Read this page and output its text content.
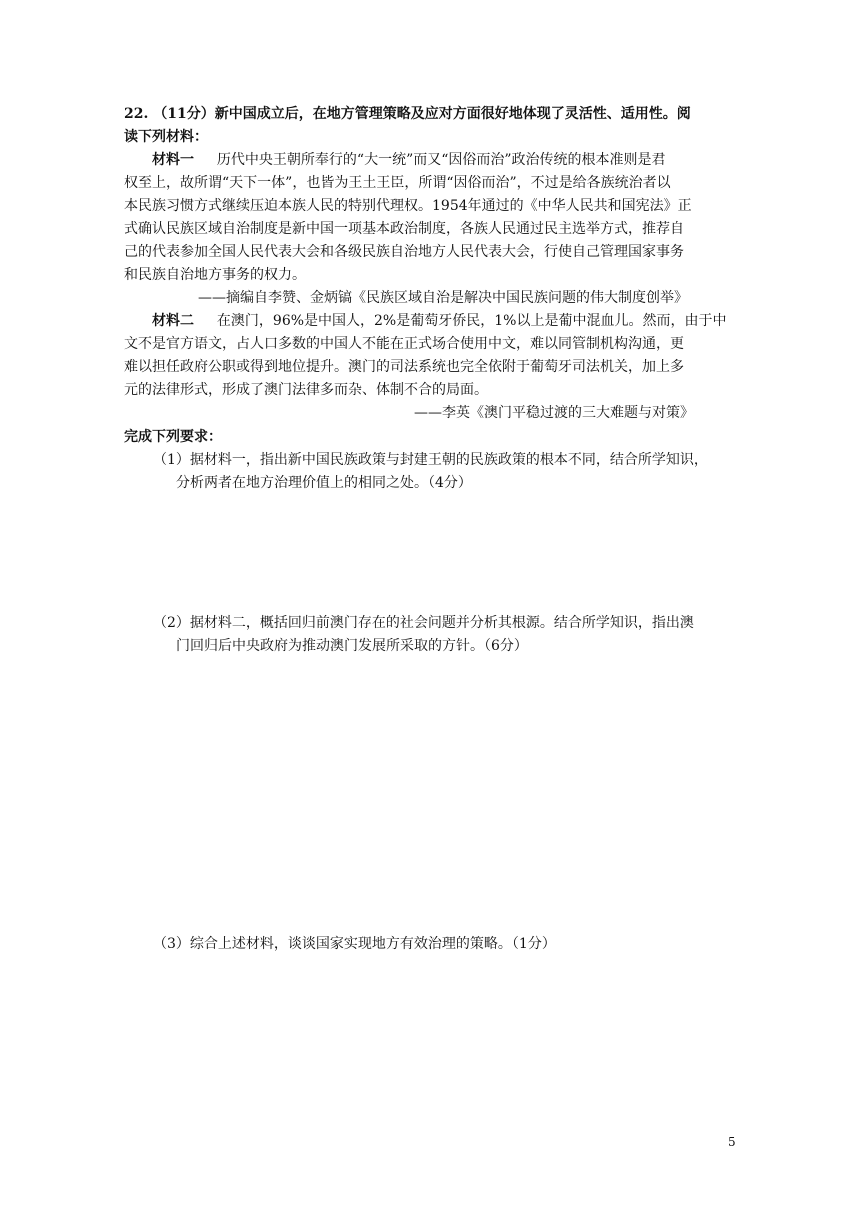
22. （11分）新中国成立后，在地方管理策略及应对方面很好地体现了灵活性、适用性。阅
读下列材料：
材料一 历代中央王朝所奉行的“大一统”而又“因俗而治”政治传统的根本准则是君
权至上，故所谓“天下一体”，也皆为王土王臣，所谓“因俗而治”，不过是给各族统治者以
本民族习惯方式继续压迫本族人民的特别代理权。1954年通过的《中华人民共和国宪法》正
式确认民族区域自治制度是新中国一项基本政治制度，各族人民通过民主选举方式，推荐自
己的代表参加全国人民代表大会和各级民族自治地方人民代表大会，行使自己管理国家事务
和民族自治地方事务的权力。
——摘编自李赞、金炳镐《民族区域自治是解决中国民族问题的伟大制度创举》
材料二 在澳门，96%是中国人，2%是葡萄牙侨民，1%以上是葡中混血儿。然而，由于中
文不是官方语文，占人口多数的中国人不能在正式场合使用中文，难以同管制机构沟通，更
难以担任政府公职或得到地位提升。澳门的司法系统也完全依附于葡萄牙司法机关，加上多
元的法律形式，形成了澳门法律多而杂、体制不合的局面。
——李英《澳门平稳过渡的三大难题与对策》
完成下列要求：
（1）据材料一，指出新中国民族政策与封建王朝的民族政策的根本不同，结合所学知识，
分析两者在地方治理价值上的相同之处。（4分）
（2）据材料二，概括回归前澳门存在的社会问题并分析其根源。结合所学知识，指出澳
门回归后中央政府为推动澳门发展所采取的方针。（6分）
（3）综合上述材料，谈谈国家实现地方有效治理的策略。（1分）
5
